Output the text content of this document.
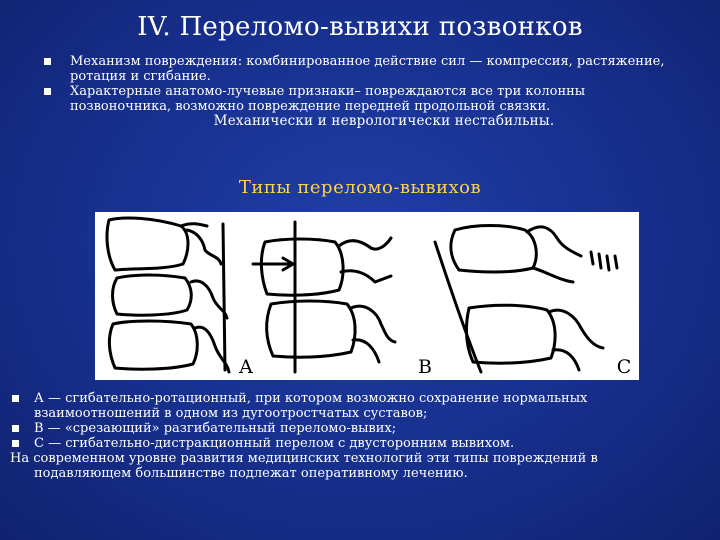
IV. Переломо-вывихи позвонков
Механизм повреждения: комбинированное действие сил — компрессия, растяжение, ротация и сгибание.
Характерные анатомо-лучевые признаки– повреждаются все три колонны позвоночника, возможно повреждение передней продольной связки.
Механически и неврологически нестабильны.
Типы переломо-вывихов
A	B	C
А — сгибательно-ротационный, при котором возможно сохранение нормальных взаимоотношений в одном из дугоотростчатых суставов;
В — «срезающий» разгибательный переломо-вывих;
С — сгибательно-дистракционный перелом с двусторонним вывихом.
На современном уровне развития медицинских технологий эти типы повреждений в
подавляющем большинстве подлежат оперативному лечению.
